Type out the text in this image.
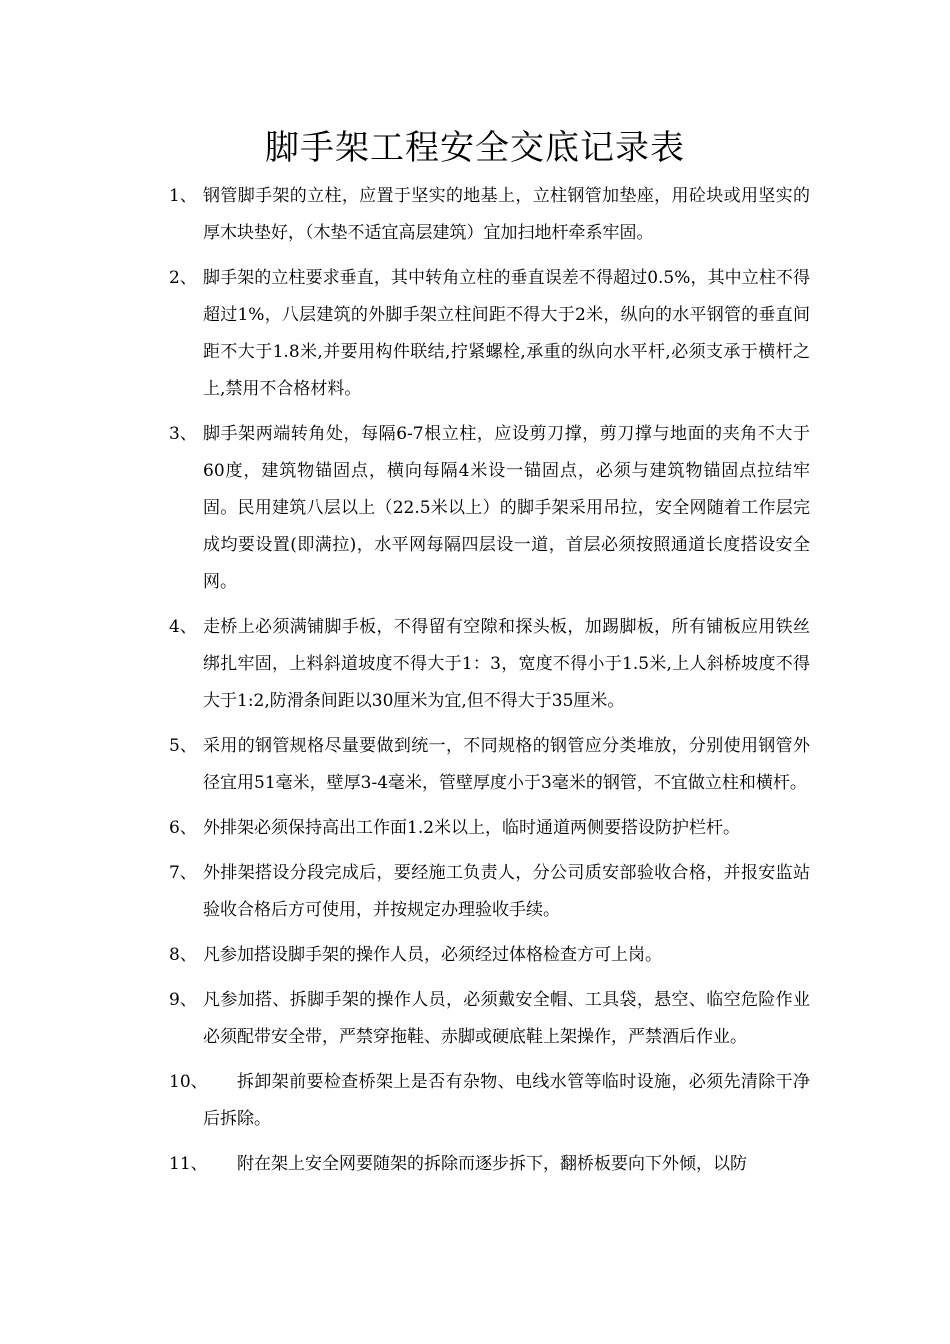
脚手架工程安全交底记录表
1、 钢管脚手架的立柱，应置于坚实的地基上，立柱钢管加垫座，用砼块或用坚实的厚木块垫好，（木垫不适宜高层建筑）宜加扫地杆牵系牢固。
2、 脚手架的立柱要求垂直，其中转角立柱的垂直误差不得超过0.5%，其中立柱不得超过1%，八层建筑的外脚手架立柱间距不得大于2米，纵向的水平钢管的垂直间距不大于1.8米,并要用构件联结,拧紧螺栓,承重的纵向水平杆,必须支承于横杆之上,禁用不合格材料。
3、 脚手架两端转角处，每隔6-7根立柱，应设剪刀撑，剪刀撑与地面的夹角不大于60度，建筑物锚固点，横向每隔4米设一锚固点，必须与建筑物锚固点拉结牢固。民用建筑八层以上（22.5米以上）的脚手架采用吊拉，安全网随着工作层完成均要设置(即满拉)，水平网每隔四层设一道，首层必须按照通道长度搭设安全网。
4、 走桥上必须满铺脚手板，不得留有空隙和探头板，加踢脚板，所有铺板应用铁丝绑扎牢固，上料斜道坡度不得大于1：3，宽度不得小于1.5米,上人斜桥坡度不得大于1:2,防滑条间距以30厘米为宜,但不得大于35厘米。
5、 采用的钢管规格尽量要做到统一，不同规格的钢管应分类堆放，分别使用钢管外径宜用51毫米，壁厚3-4毫米，管壁厚度小于3毫米的钢管，不宜做立柱和横杆。
6、 外排架必须保持高出工作面1.2米以上，临时通道两侧要搭设防护栏杆。
7、 外排架搭设分段完成后，要经施工负责人，分公司质安部验收合格，并报安监站验收合格后方可使用，并按规定办理验收手续。
8、 凡参加搭设脚手架的操作人员，必须经过体格检查方可上岗。
9、 凡参加搭、拆脚手架的操作人员，必须戴安全帽、工具袋，悬空、临空危险作业必须配带安全带，严禁穿拖鞋、赤脚或硬底鞋上架操作，严禁酒后作业。
10、	拆卸架前要检查桥架上是否有杂物、电线水管等临时设施，必须先清除干净后拆除。
11、	附在架上安全网要随架的拆除而逐步拆下，翻桥板要向下外倾，以防
